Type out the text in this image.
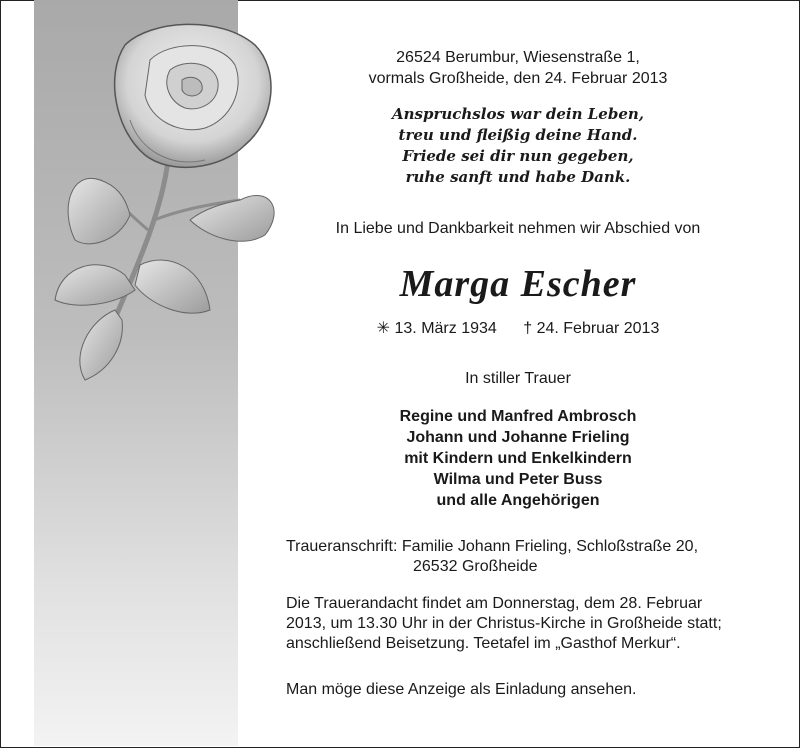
26524 Berumbur, Wiesenstraße 1,
vormals Großheide, den 24. Februar 2013
Anspruchslos war dein Leben,
treu und fleißig deine Hand.
Friede sei dir nun gegeben,
ruhe sanft und habe Dank.
In Liebe und Dankbarkeit nehmen wir Abschied von
Marga Escher
✳ 13. März 1934 † 24. Februar 2013
In stiller Trauer
Regine und Manfred Ambrosch
Johann und Johanne Frieling
mit Kindern und Enkelkindern
Wilma und Peter Buss
und alle Angehörigen
Traueranschrift: Familie Johann Frieling, Schloßstraße 20,
26532 Großheide
Die Trauerandacht findet am Donnerstag, dem 28. Februar 2013, um 13.30 Uhr in der Christus-Kirche in Großheide statt; anschließend Beisetzung. Teetafel im „Gasthof Merkur“.
Man möge diese Anzeige als Einladung ansehen.
